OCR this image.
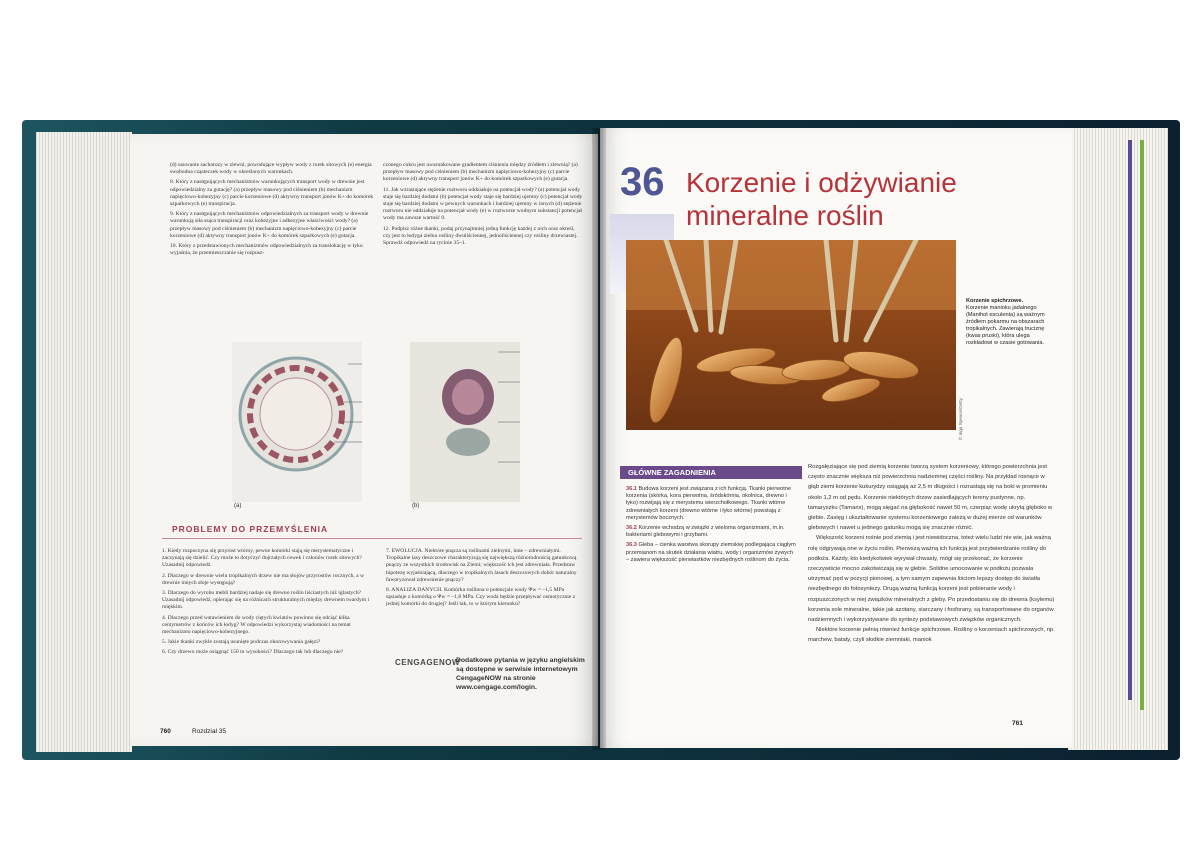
(d) usuwanie sacharozy w zlewni, powodujące wypływ wody z rurek sitowych (e) energia swobodna cząsteczek wody w określonych warunkach.

8. Który z następujących mechanizmów warunkujących transport wody w drewnie jest odpowiedzialny za gutację? (a) przepływ masowy pod ciśnieniem (b) mechanizm napięciowo-kohezyjny (c) parcie korzeniowe (d) aktywny transport jonów K+ do komórek szparkowych (e) transpiracja.

9. Który z następujących mechanizmów odpowiedzialnych za transport wody w drewnie warunkują siła ssąca transpiracji oraz kohezyjne i adhezyjne właściwości wody? (a) przepływ masowy pod ciśnieniem (b) mechanizm napięciowo-kohezyjny (c) parcie korzeniowe (d) aktywny transport jonów K+ do komórek szparkowych (e) gutacja.

10. Który z przedstawionych mechanizmów odpowiedzialnych za translokację w łyku wyjaśnia, że przemieszczanie się rozpusz-

czonego cukru jest uwarunkowane gradientem ciśnienia między źródłem i zlewnią? (a) przepływ masowy pod ciśnieniem (b) mechanizm napięciowo-kohezyjny (c) parcie korzeniowe (d) aktywny transport jonów K+ do komórek szparkowych (e) gutacja.

11. Jak wzrastające stężenie roztworu oddziałuje na potencjał wody? (a) potencjał wody staje się bardziej dodatni (b) potencjał wody staje się bardziej ujemny (c) potencjał wody staje się bardziej dodatni w pewnych warunkach i bardziej ujemny w innych (d) stężenie roztworu nie oddziałuje na potencjał wody (e) w roztworze wodnym substancji potencjał wody ma zawsze wartość 0.

12. Podpisz różne tkanki, podaj przynajmniej jedną funkcję każdej z nich oraz określ, czy jest to łodyga zielna rośliny dwuliściennej, jednoliściennej czy rośliny drzewiastej. Sprawdź odpowiedź na rycinie 35–1.

(a)	(b)
PROBLEMY DO PRZEMYŚLENIA

1. Kiedy rozpoczyna się przyrost wtórny, pewne komórki stają się merystematyczne i zaczynają się dzielić. Czy może to dotyczyć dojrzałych cewek i członów rurek sitowych? Uzasadnij odpowiedź.

2. Dlaczego w drewnie wielu tropikalnych drzew nie ma słojów przyrostów rocznych, a w drewnie innych słoje występują?

3. Dlaczego do wyrobu mebli bardziej nadaje się drewno roślin liściastych niż iglastych? Uzasadnij odpowiedź, opierając się na różnicach strukturalnych między drewnem twardym i miękkim.

4. Dlaczego przed wstawieniem do wody ciętych kwiatów powinno się odciąć kilka centymetrów z końców ich łodyg? W odpowiedzi wykorzystaj wiadomości na temat mechanizmu napięciowo-kohezyjnego.

5. Jakie tkanki zwykle zostają usunięte podczas okorowywania gałęzi?

6. Czy drzewo może osiągnąć 150 m wysokości? Dlaczego tak lub dlaczego nie?

7. EWOLUCJA. Niektóre pnącza są roślinami zielnymi, inne – zdrewniałymi. Tropikalne lasy deszczowe charakteryzują się największą różnorodnością gatunkową pnączy ze wszystkich środowisk na Ziemi; większość ich jest zdrewniała. Przedstaw hipotezę wyjaśniającą, dlaczego w tropikalnych lasach deszczowych dobór naturalny faworyzował zdrewnienie pnączy?

8. ANALIZA DANYCH. Komórka roślinna o potencjale wody Ψw = –1,5 MPa sąsiaduje z komórką o Ψw = –1,8 MPa. Czy woda będzie przepływać osmotycznie z jednej komórki do drugiej? Jeśli tak, to w którym kierunku?

CENGAGENOW
Dodatkowe pytania w języku angielskim są dostępne w serwisie internetowym CengageNOW na stronie www.cengage.com/login.
760	Rozdział 35
36 Korzenie i odżywianie
mineralne roślin
Korzenie spichrzowe.
Korzenie manioku jadalnego (Manihot esculenta) są ważnym źródłem pokarmu na obszarach tropikalnych. Zawierają truciznę (kwas pruski), która ulega rozkładowi w czasie gotowania.
© Inga Spence/Getty
GŁÓWNE ZAGADNIENIA

36.1 Budowa korzeni jest związana z ich funkcją. Tkanki pierwotne korzenia (skórka, kora pierwotna, śródskórnia, okolnica, drewno i łyko) rozwijają się z merystemu wierzchołkowego. Tkanki wtórne zdrewniałych korzeni (drewno wtórne i łyko wtórne) powstają z merystemów bocznych.

36.2 Korzenie wchodzą w związki z wieloma organizmami, m.in. bakteriami glebowymi i grzybami.

36.3 Gleba – cienka warstwa skorupy ziemskiej podlegająca ciągłym przemianom na skutek działania wiatru, wody i organizmów żywych – zawiera większość pierwiastków niezbędnych roślinom do życia.

Rozgałęziające się pod ziemią korzenie tworzą system korzeniowy, którego powierzchnia jest często znacznie większa niż powierzchnia nadziemnej części rośliny. Na przykład rosnące w głąb ziemi korzenie kukurydzy osiągają aż 2,5 m długości i rozrastają się na boki w promieniu około 1,2 m od pędu. Korzenie niektórych drzew zasiedlających tereny pustynne, np. tamaryszku (Tamarix), mogą sięgać na głębokość nawet 50 m, czerpiąc wodę ukrytą głęboko w glebie. Zasięg i ukształtowanie systemu korzeniowego zależą w dużej mierze od warunków glebowych i nawet u jednego gatunku mogą się znacznie różnić.

Większość korzeni rośnie pod ziemią i jest niewidoczna, toteż wielu ludzi nie wie, jak ważną rolę odgrywają one w życiu roślin. Pierwszą ważną ich funkcją jest przytwierdzanie rośliny do podłoża. Każdy, kto kiedykolwiek wyrywał chwasty, mógł się przekonać, że korzenie rzeczywiście mocno zakotwiczają się w glebie. Solidne umocowanie w podłożu pozwala utrzymać pęd w pozycji pionowej, a tym samym zapewnia liściom lepszy dostęp do światła niezbędnego do fotosyntezy. Drugą ważną funkcją korzeni jest pobieranie wody i rozpuszczonych w niej związków mineralnych z gleby. Po przedostaniu się do drewna (ksylemu) korzenia sole mineralne, takie jak azotany, siarczany i fosforany, są transportowane do organów nadziemnych i wykorzystywane do syntezy podstawowych związków organicznych.

Niektóre korzenie pełnią również funkcje spichrzowe. Rośliny o korzeniach spichrzowych, np. marchew, bataty, czyli słodkie ziemniaki, maniok

761
